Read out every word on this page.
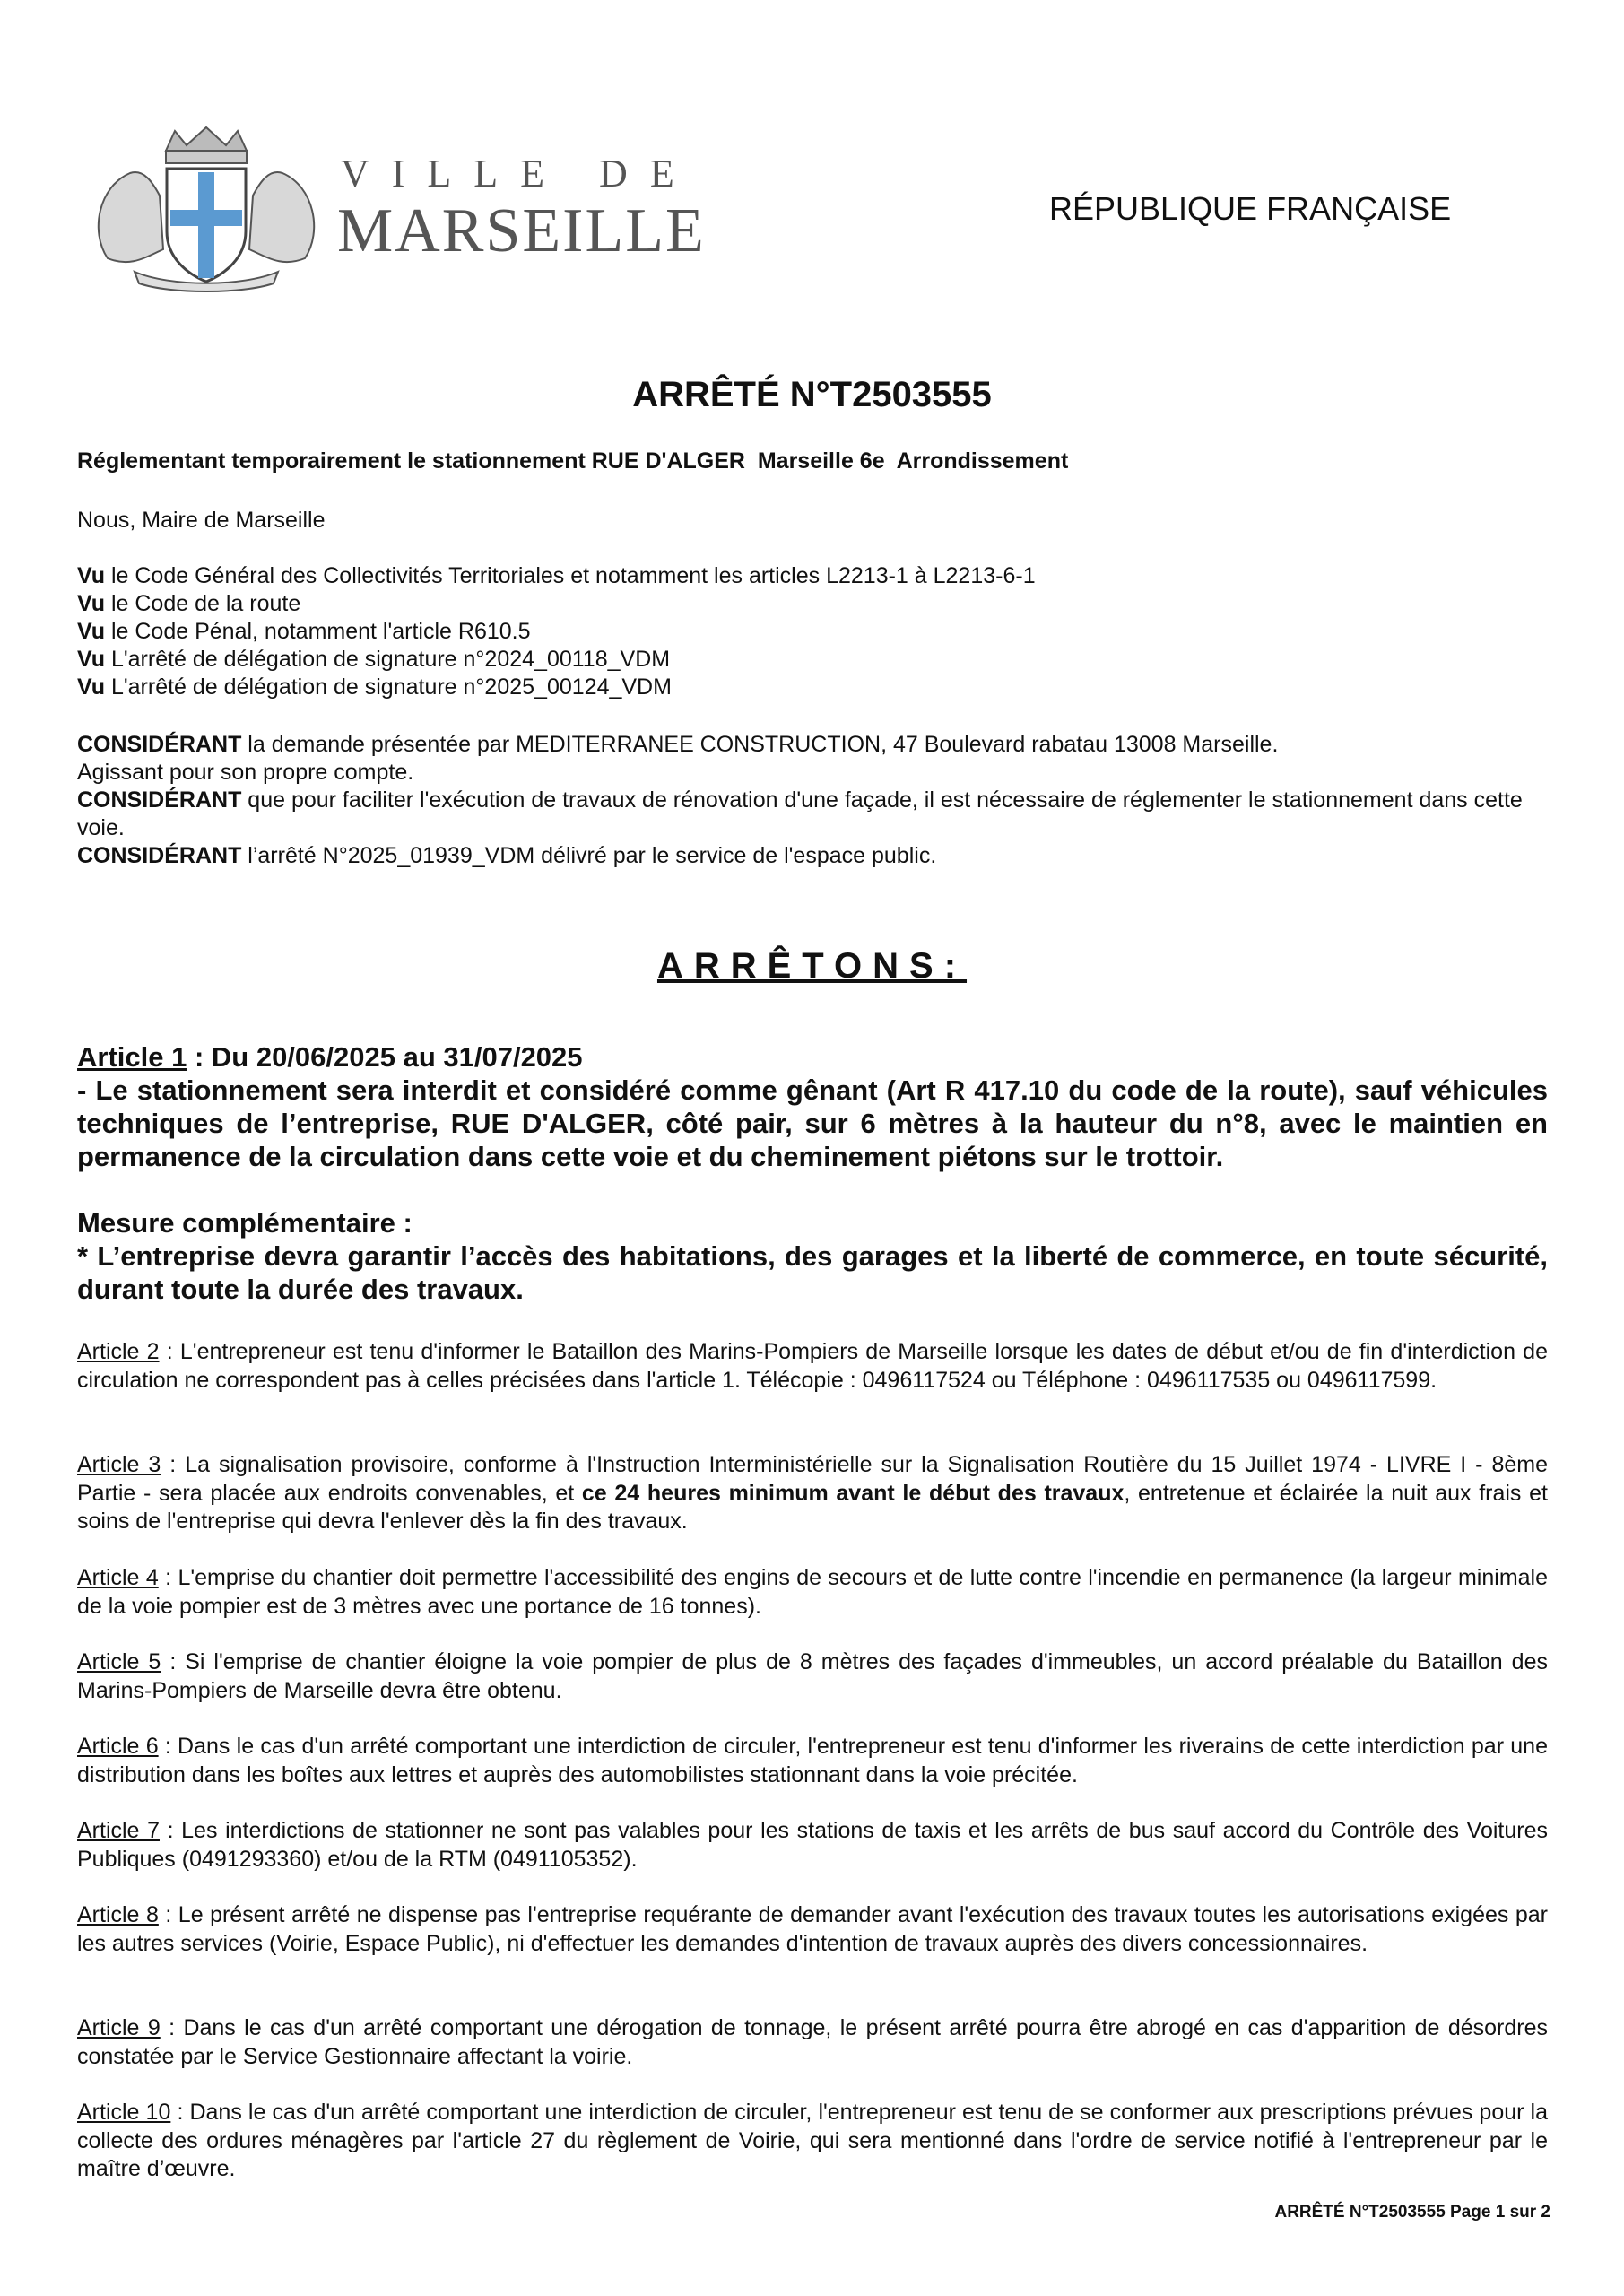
VILLE DE
MARSEILLE	RÉPUBLIQUE FRANÇAISE
ARRÊTÉ N°T2503555
Réglementant temporairement le stationnement RUE D'ALGER  Marseille 6e  Arrondissement
Nous, Maire de Marseille
Vu le Code Général des Collectivités Territoriales et notamment les articles L2213-1 à L2213-6-1
Vu le Code de la route
Vu le Code Pénal, notamment l'article R610.5
Vu L'arrêté de délégation de signature n°2024_00118_VDM
Vu L'arrêté de délégation de signature n°2025_00124_VDM
CONSIDÉRANT la demande présentée par MEDITERRANEE CONSTRUCTION, 47 Boulevard rabatau 13008 Marseille.
Agissant pour son propre compte.
CONSIDÉRANT que pour faciliter l'exécution de travaux de rénovation d'une façade, il est nécessaire de réglementer le stationnement dans cette voie.
CONSIDÉRANT l’arrêté N°2025_01939_VDM délivré par le service de l'espace public.
ARRÊTONS:
Article 1 : Du 20/06/2025 au 31/07/2025
- Le stationnement sera interdit et considéré comme gênant (Art R 417.10 du code de la route), sauf véhicules techniques de l’entreprise, RUE D'ALGER, côté pair, sur 6 mètres à la hauteur du n°8, avec le maintien en permanence de la circulation dans cette voie et du cheminement piétons sur le trottoir.
Mesure complémentaire :
* L’entreprise devra garantir l’accès des habitations, des garages et la liberté de commerce, en toute sécurité, durant toute la durée des travaux.
Article 2 : L'entrepreneur est tenu d'informer le Bataillon des Marins-Pompiers de Marseille lorsque les dates de début et/ou de fin d'interdiction de circulation ne correspondent pas à celles précisées dans l'article 1. Télécopie : 0496117524 ou Téléphone : 0496117535 ou 0496117599.
Article 3 : La signalisation provisoire, conforme à l'Instruction Interministérielle sur la Signalisation Routière du 15 Juillet 1974 - LIVRE I - 8ème Partie - sera placée aux endroits convenables, et ce 24 heures minimum avant le début des travaux, entretenue et éclairée la nuit aux frais et soins de l'entreprise qui devra l'enlever dès la fin des travaux.
Article 4 : L'emprise du chantier doit permettre l'accessibilité des engins de secours et de lutte contre l'incendie en permanence (la largeur minimale de la voie pompier est de 3 mètres avec une portance de 16 tonnes).
Article 5 : Si l'emprise de chantier éloigne la voie pompier de plus de 8 mètres des façades d'immeubles, un accord préalable du Bataillon des Marins-Pompiers de Marseille devra être obtenu.
Article 6 : Dans le cas d'un arrêté comportant une interdiction de circuler, l'entrepreneur est tenu d'informer les riverains de cette interdiction par une distribution dans les boîtes aux lettres et auprès des automobilistes stationnant dans la voie précitée.
Article 7 : Les interdictions de stationner ne sont pas valables pour les stations de taxis et les arrêts de bus sauf accord du Contrôle des Voitures Publiques (0491293360) et/ou de la RTM (0491105352).
Article 8 : Le présent arrêté ne dispense pas l'entreprise requérante de demander avant l'exécution des travaux toutes les autorisations exigées par les autres services (Voirie, Espace Public), ni d'effectuer les demandes d'intention de travaux auprès des divers concessionnaires.
Article 9 : Dans le cas d'un arrêté comportant une dérogation de tonnage, le présent arrêté pourra être abrogé en cas d'apparition de désordres constatée par le Service Gestionnaire affectant la voirie.
Article 10 : Dans le cas d'un arrêté comportant une interdiction de circuler, l'entrepreneur est tenu de se conformer aux prescriptions prévues pour la collecte des ordures ménagères par l'article 27 du règlement de Voirie, qui sera mentionné dans l'ordre de service notifié à l'entrepreneur par le maître d’œuvre.
ARRÊTÉ N°T2503555 Page 1 sur 2
